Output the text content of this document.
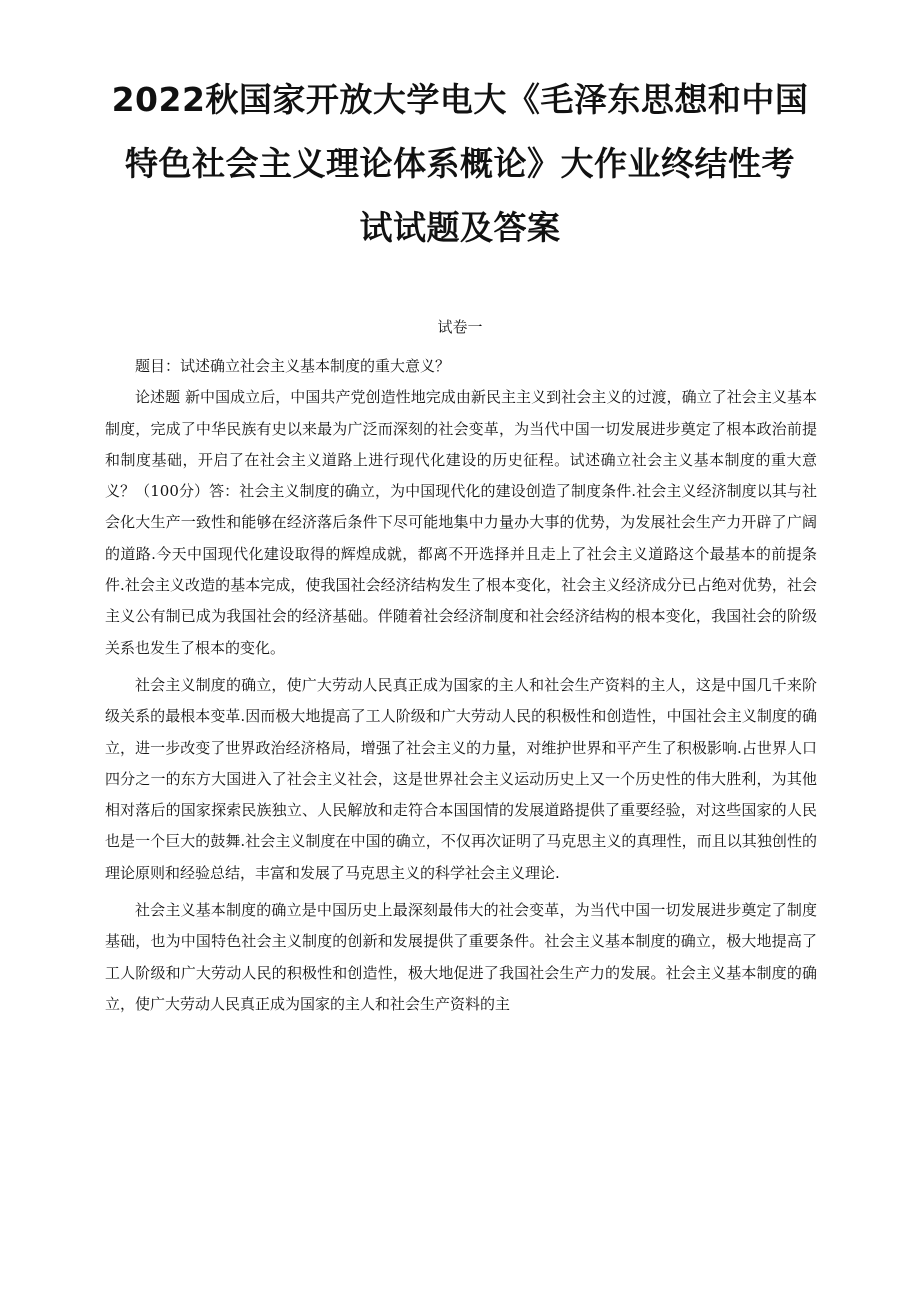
2022秋国家开放大学电大《毛泽东思想和中国
特色社会主义理论体系概论》大作业终结性考
试试题及答案
试卷一

题目：试述确立社会主义基本制度的重大意义？

论述题 新中国成立后，中国共产党创造性地完成由新民主主义到社会主义的过渡，确立了社会主义基本制度，完成了中华民族有史以来最为广泛而深刻的社会变革，为当代中国一切发展进步奠定了根本政治前提和制度基础，开启了在社会主义道路上进行现代化建设的历史征程。试述确立社会主义基本制度的重大意义？（100分）答：社会主义制度的确立，为中国现代化的建设创造了制度条件.社会主义经济制度以其与社会化大生产一致性和能够在经济落后条件下尽可能地集中力量办大事的优势，为发展社会生产力开辟了广阔的道路.今天中国现代化建设取得的辉煌成就，都离不开选择并且走上了社会主义道路这个最基本的前提条件.社会主义改造的基本完成，使我国社会经济结构发生了根本变化，社会主义经济成分已占绝对优势，社会主义公有制已成为我国社会的经济基础。伴随着社会经济制度和社会经济结构的根本变化，我国社会的阶级关系也发生了根本的变化。

社会主义制度的确立，使广大劳动人民真正成为国家的主人和社会生产资料的主人，这是中国几千来阶级关系的最根本变革.因而极大地提高了工人阶级和广大劳动人民的积极性和创造性，中国社会主义制度的确立，进一步改变了世界政治经济格局，增强了社会主义的力量，对维护世界和平产生了积极影响.占世界人口四分之一的东方大国进入了社会主义社会，这是世界社会主义运动历史上又一个历史性的伟大胜利，为其他相对落后的国家探索民族独立、人民解放和走符合本国国情的发展道路提供了重要经验，对这些国家的人民也是一个巨大的鼓舞.社会主义制度在中国的确立，不仅再次证明了马克思主义的真理性，而且以其独创性的理论原则和经验总结，丰富和发展了马克思主义的科学社会主义理论.

社会主义基本制度的确立是中国历史上最深刻最伟大的社会变革，为当代中国一切发展进步奠定了制度基础，也为中国特色社会主义制度的创新和发展提供了重要条件。社会主义基本制度的确立，极大地提高了工人阶级和广大劳动人民的积极性和创造性，极大地促进了我国社会生产力的发展。社会主义基本制度的确立，使广大劳动人民真正成为国家的主人和社会生产资料的主
